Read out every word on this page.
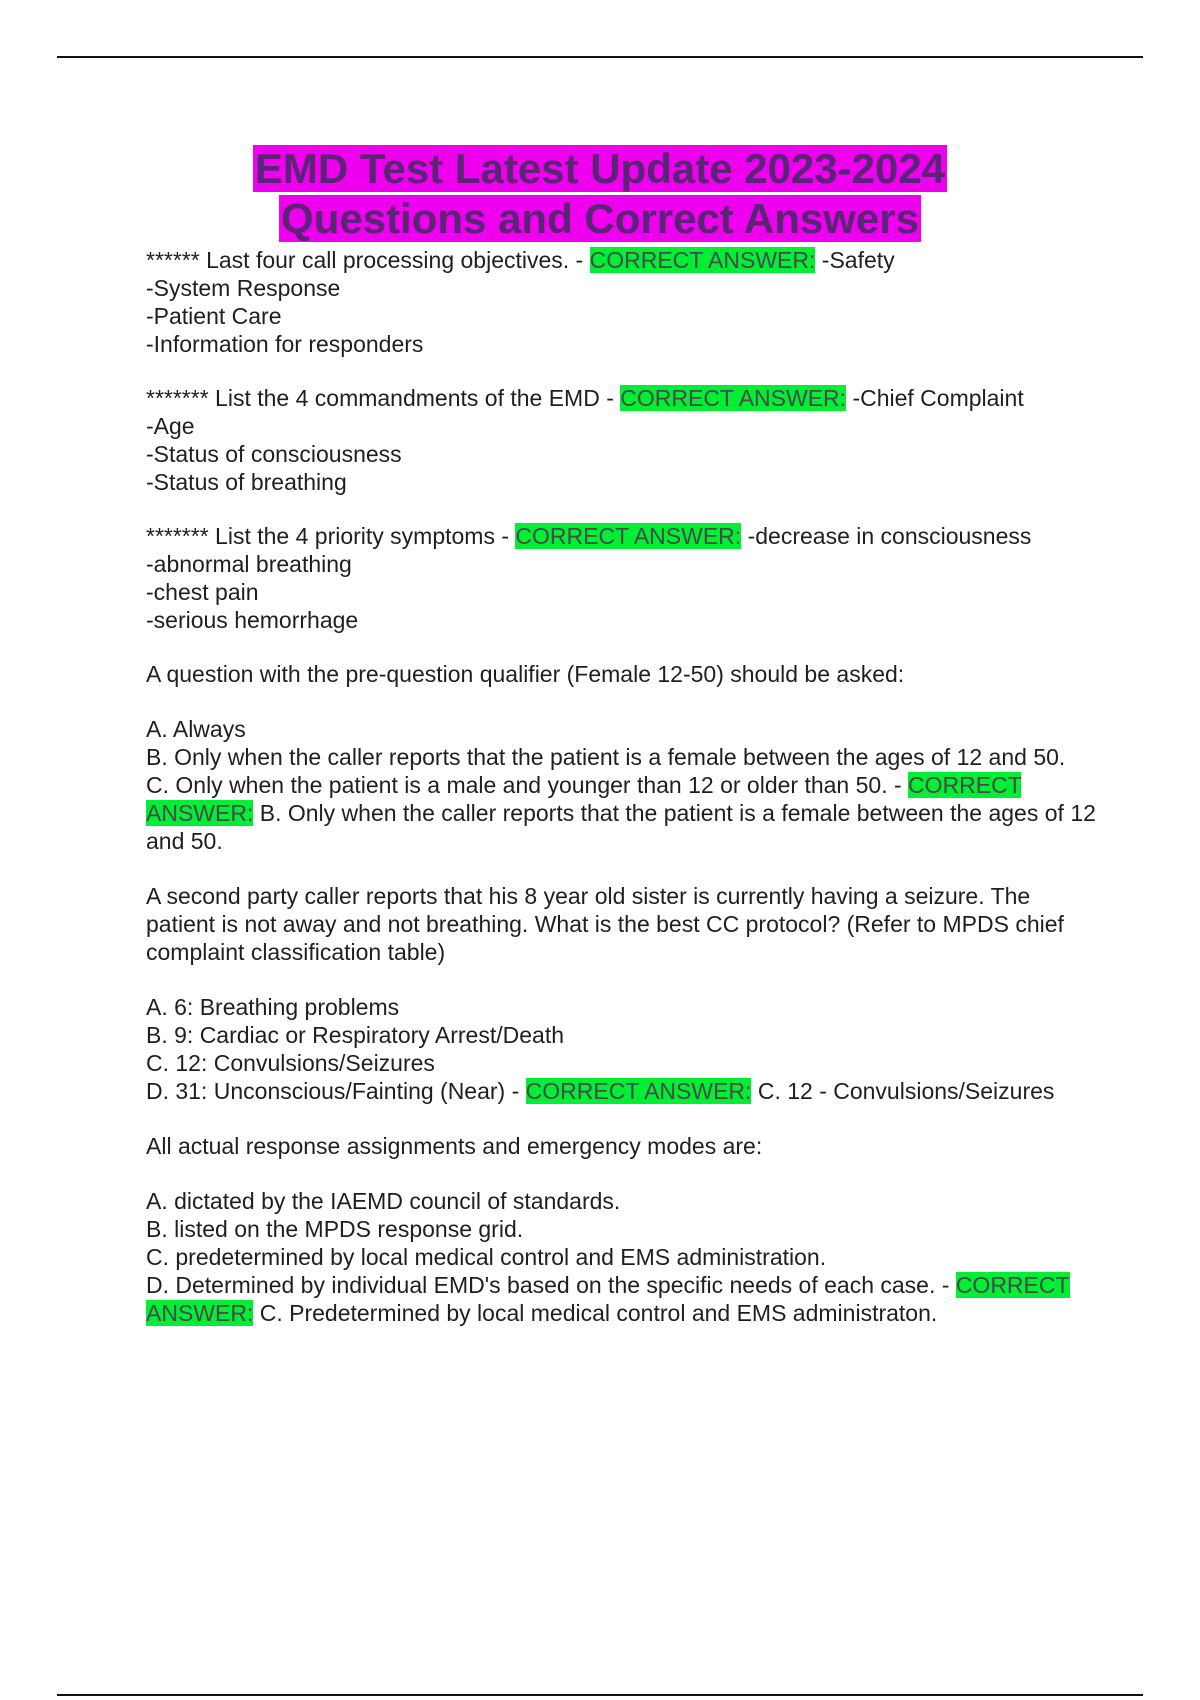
EMD Test Latest Update 2023-2024
Questions and Correct Answers

****** Last four call processing objectives. - CORRECT ANSWER: -Safety

-System Response

-Patient Care

-Information for responders

******* List the 4 commandments of the EMD - CORRECT ANSWER: -Chief Complaint

-Age

-Status of consciousness

-Status of breathing

******* List the 4 priority symptoms - CORRECT ANSWER: -decrease in consciousness

-abnormal breathing

-chest pain

-serious hemorrhage

A question with the pre-question qualifier (Female 12-50) should be asked:

A. Always

B. Only when the caller reports that the patient is a female between the ages of 12 and 50.

C. Only when the patient is a male and younger than 12 or older than 50. - CORRECT ANSWER: B. Only when the caller reports that the patient is a female between the ages of 12 and 50.

A second party caller reports that his 8 year old sister is currently having a seizure. The patient is not away and not breathing. What is the best CC protocol? (Refer to MPDS chief complaint classification table)

A. 6: Breathing problems

B. 9: Cardiac or Respiratory Arrest/Death

C. 12: Convulsions/Seizures

D. 31: Unconscious/Fainting (Near) - CORRECT ANSWER: C. 12 - Convulsions/Seizures

All actual response assignments and emergency modes are:

A. dictated by the IAEMD council of standards.

B. listed on the MPDS response grid.

C. predetermined by local medical control and EMS administration.

D. Determined by individual EMD's based on the specific needs of each case. - CORRECT ANSWER: C. Predetermined by local medical control and EMS administraton.
